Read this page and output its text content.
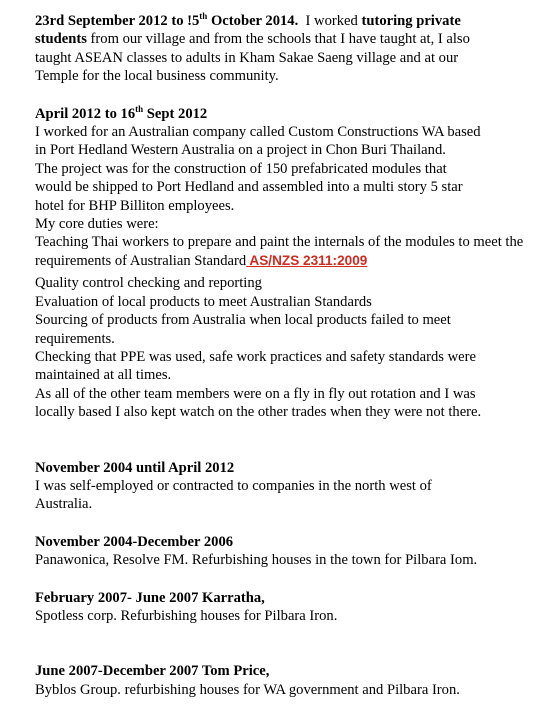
23rd September 2012 to !5th October 2014.  I worked tutoring private
students from our village and from the schools that I have taught at, I also
taught ASEAN classes to adults in Kham Sakae Saeng village and at our
Temple for the local business community.
April 2012 to 16th Sept 2012
I worked for an Australian company called Custom Constructions WA based
in Port Hedland Western Australia on a project in Chon Buri Thailand.
The project was for the construction of 150 prefabricated modules that
would be shipped to Port Hedland and assembled into a multi story 5 star
hotel for BHP Billiton employees.
My core duties were:
Teaching Thai workers to prepare and paint the internals of the modules to meet the
requirements of Australian Standard AS/NZS 2311:2009
Quality control checking and reporting
Evaluation of local products to meet Australian Standards
Sourcing of products from Australia when local products failed to meet
requirements.
Checking that PPE was used, safe work practices and safety standards were
maintained at all times.
As all of the other team members were on a fly in fly out rotation and I was
locally based I also kept watch on the other trades when they were not there.
November 2004 until April 2012
I was self-employed or contracted to companies in the north west of
Australia.
November 2004-December 2006
Panawonica, Resolve FM. Refurbishing houses in the town for Pilbara Iom.
February 2007- June 2007 Karratha,
Spotless corp. Refurbishing houses for Pilbara Iron.
June 2007-December 2007 Tom Price,
Byblos Group. refurbishing houses for WA government and Pilbara Iron.
